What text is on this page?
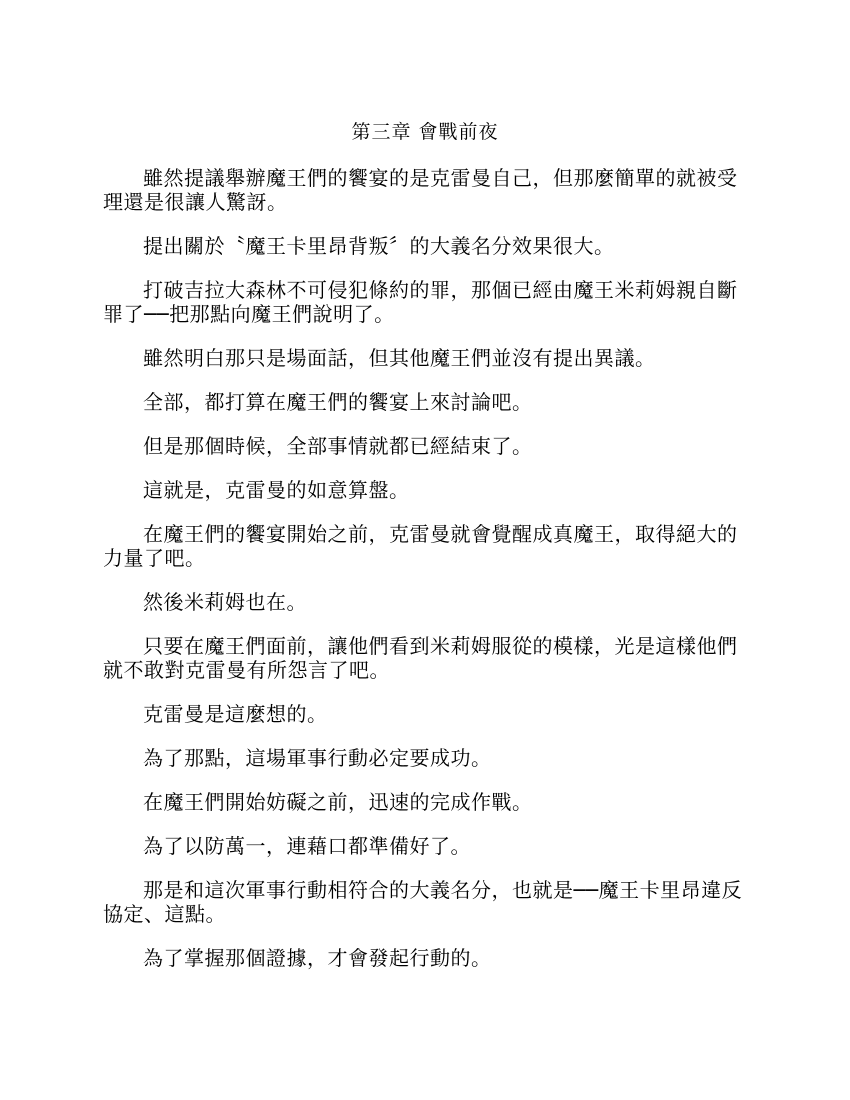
第三章 會戰前夜

雖然提議舉辦魔王們的饗宴的是克雷曼自己，但那麼簡單的就被受理還是很讓人驚訝。

提出關於〝魔王卡里昂背叛〞的大義名分效果很大。

打破吉拉大森林不可侵犯條約的罪，那個已經由魔王米莉姆親自斷罪了──把那點向魔王們說明了。

雖然明白那只是場面話，但其他魔王們並沒有提出異議。

全部，都打算在魔王們的饗宴上來討論吧。

但是那個時候，全部事情就都已經結束了。

這就是，克雷曼的如意算盤。

在魔王們的饗宴開始之前，克雷曼就會覺醒成真魔王，取得絕大的力量了吧。

然後米莉姆也在。

只要在魔王們面前，讓他們看到米莉姆服從的模樣，光是這樣他們就不敢對克雷曼有所怨言了吧。

克雷曼是這麼想的。

為了那點，這場軍事行動必定要成功。

在魔王們開始妨礙之前，迅速的完成作戰。

為了以防萬一，連藉口都準備好了。

那是和這次軍事行動相符合的大義名分，也就是──魔王卡里昂違反協定、這點。

為了掌握那個證據，才會發起行動的。
